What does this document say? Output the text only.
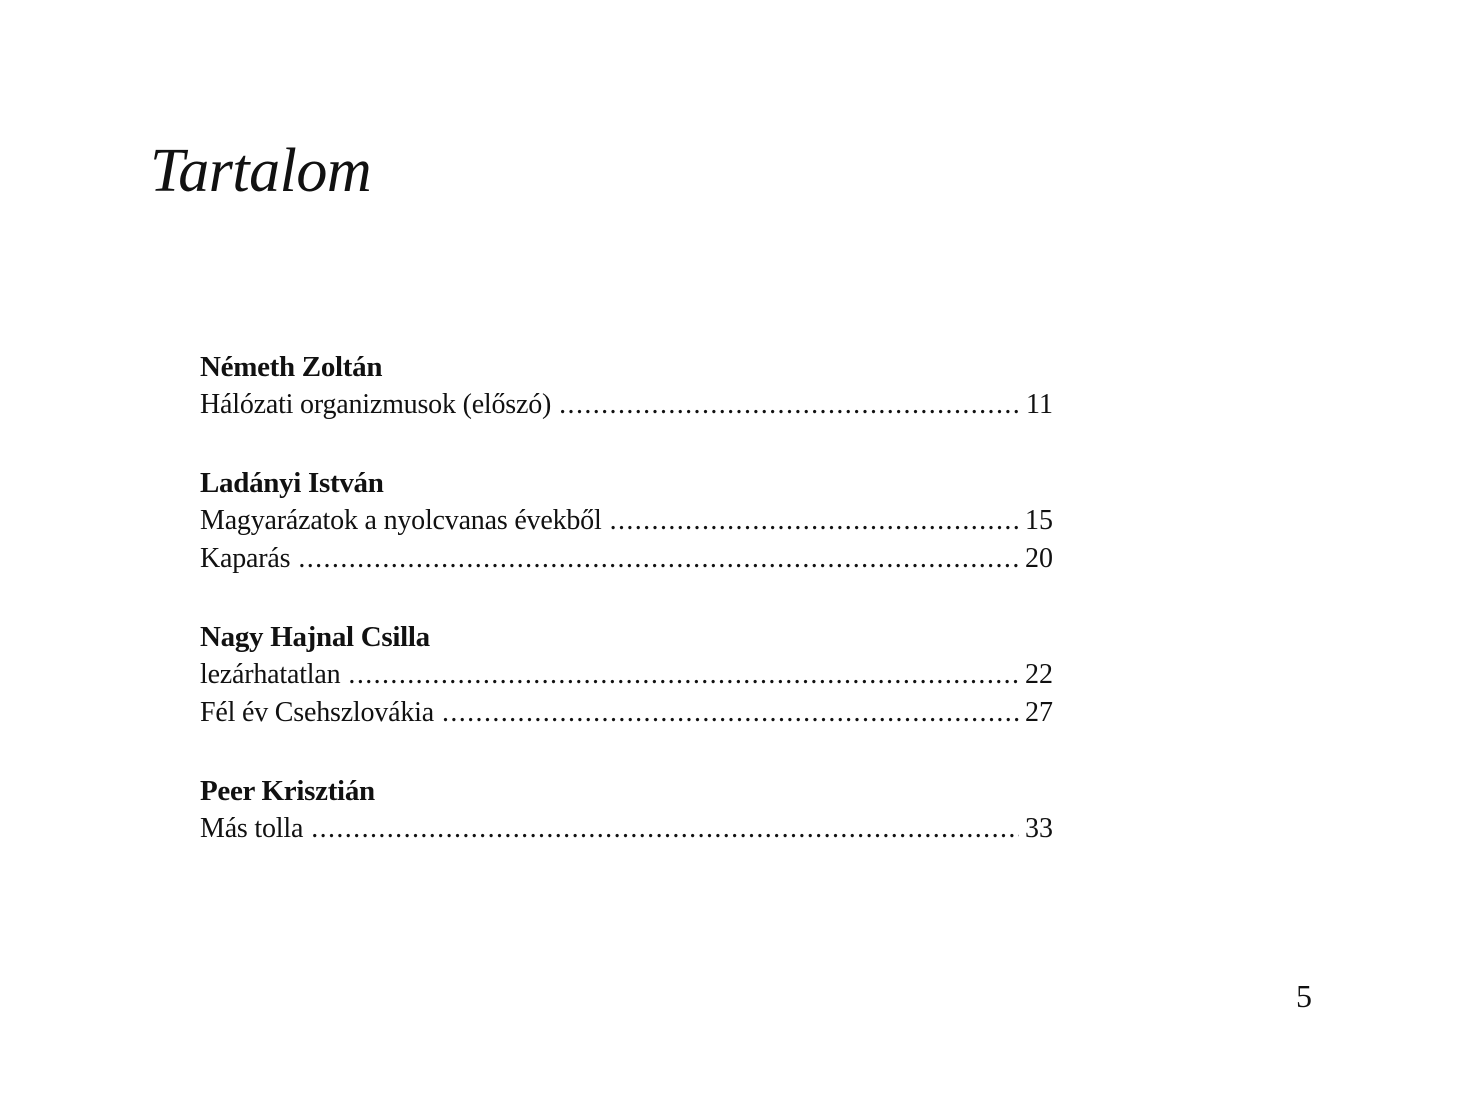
Tartalom
Németh Zoltán
Hálózati organizmusok (előszó) .....	11
Ladányi István
Magyarázatok a nyolcvanas évekből .....	15
Kaparás .....	20
Nagy Hajnal Csilla
lezárhatatlan .....	22
Fél év Csehszlovákia .....	27
Peer Krisztián
Más tolla .....	33
5
